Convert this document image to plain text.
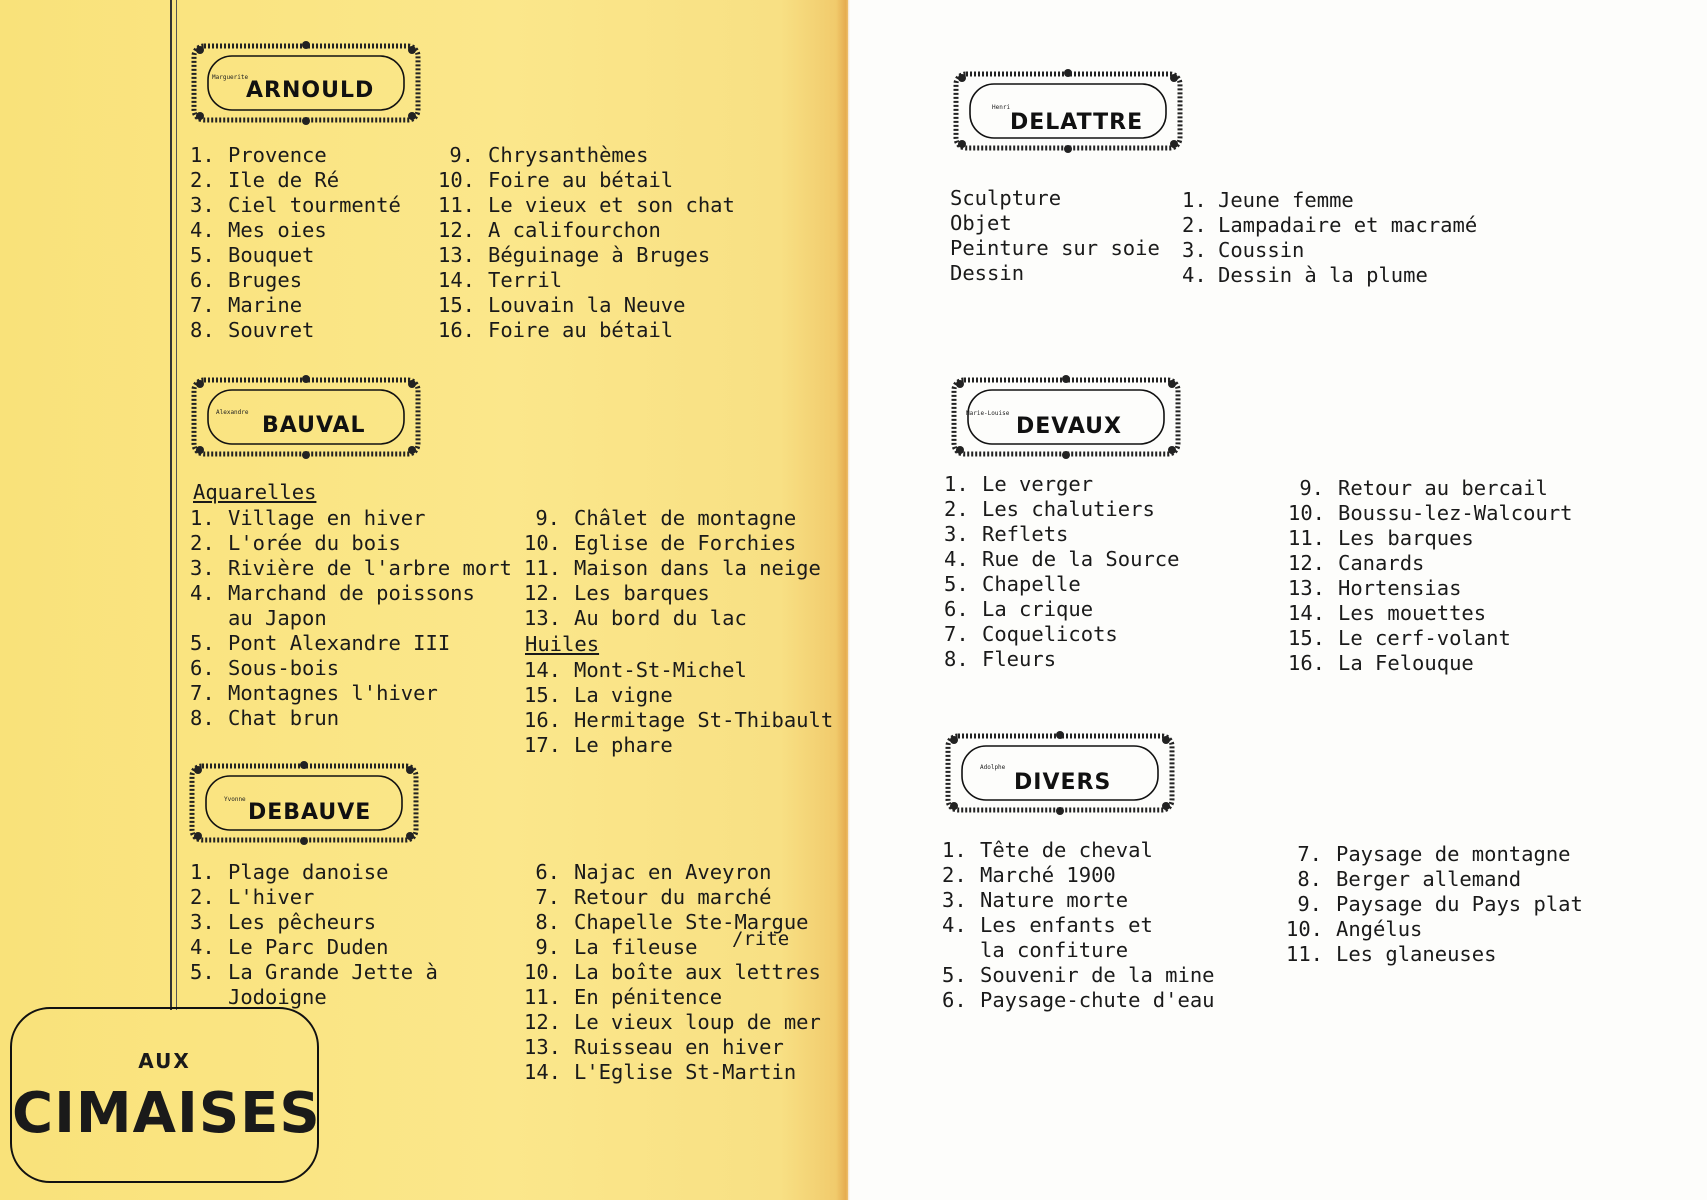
Marguerite
ARNOULD
Alexandre
BAUVAL
Yvonne
DEBAUVE
Henri
DELATTRE
Marie-Louise
DEVAUX
Adolphe
DIVERS
1. Provence
2. Ile de Ré
3. Ciel tourmenté
4. Mes oies
5. Bouquet
6. Bruges
7. Marine
8. Souvret
9. Chrysanthèmes
10. Foire au bétail
11. Le vieux et son chat
12. A califourchon
13. Béguinage à Bruges
14. Terril
15. Louvain la Neuve
16. Foire au bétail
Aquarelles
1. Village en hiver
2. L'orée du bois
3. Rivière de l'arbre mort
4. Marchand de poissons
au Japon
5. Pont Alexandre III
6. Sous-bois
7. Montagnes l'hiver
8. Chat brun
9. Châlet de montagne
10. Eglise de Forchies
11. Maison dans la neige
12. Les barques
13. Au bord du lac
Huiles
14. Mont-St-Michel
15. La vigne
16. Hermitage St-Thibault
17. Le phare
1. Plage danoise
2. L'hiver
3. Les pêcheurs
4. Le Parc Duden
5. La Grande Jette à
Jodoigne
6. Najac en Aveyron
7. Retour du marché
8. Chapelle Ste-Margue
9. La fileuse
10. La boîte aux lettres
11. En pénitence
12. Le vieux loup de mer
13. Ruisseau en hiver
14. L'Eglise St-Martin
/rite
Sculpture
Objet
Peinture sur soie
Dessin
1. Jeune femme
2. Lampadaire et macramé
3. Coussin
4. Dessin à la plume
1. Le verger
2. Les chalutiers
3. Reflets
4. Rue de la Source
5. Chapelle
6. La crique
7. Coquelicots
8. Fleurs
9. Retour au bercail
10. Boussu-lez-Walcourt
11. Les barques
12. Canards
13. Hortensias
14. Les mouettes
15. Le cerf-volant
16. La Felouque
1. Tête de cheval
2. Marché 1900
3. Nature morte
4. Les enfants et
la confiture
5. Souvenir de la mine
6. Paysage-chute d'eau
7. Paysage de montagne
8. Berger allemand
9. Paysage du Pays plat
10. Angélus
11. Les glaneuses
AUX
CIMAISES
